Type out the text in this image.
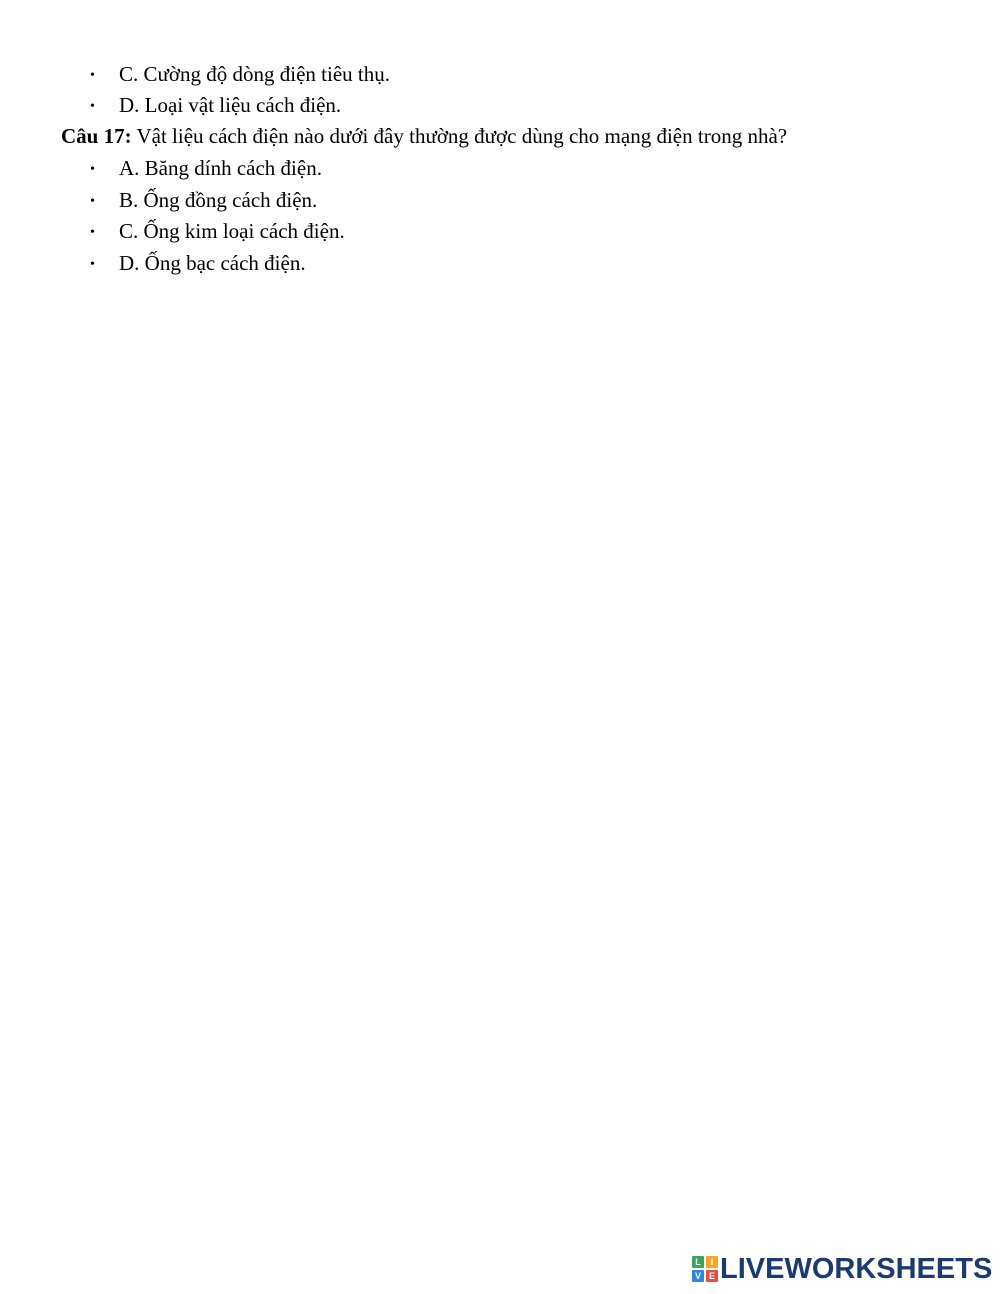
• C. Cường độ dòng điện tiêu thụ.
• D. Loại vật liệu cách điện.
Câu 17: Vật liệu cách điện nào dưới đây thường được dùng cho mạng điện trong nhà?
• A. Băng dính cách điện.
• B. Ống đồng cách điện.
• C. Ống kim loại cách điện.
• D. Ống bạc cách điện.
L	I
V E LIVEWORKSHEETS
